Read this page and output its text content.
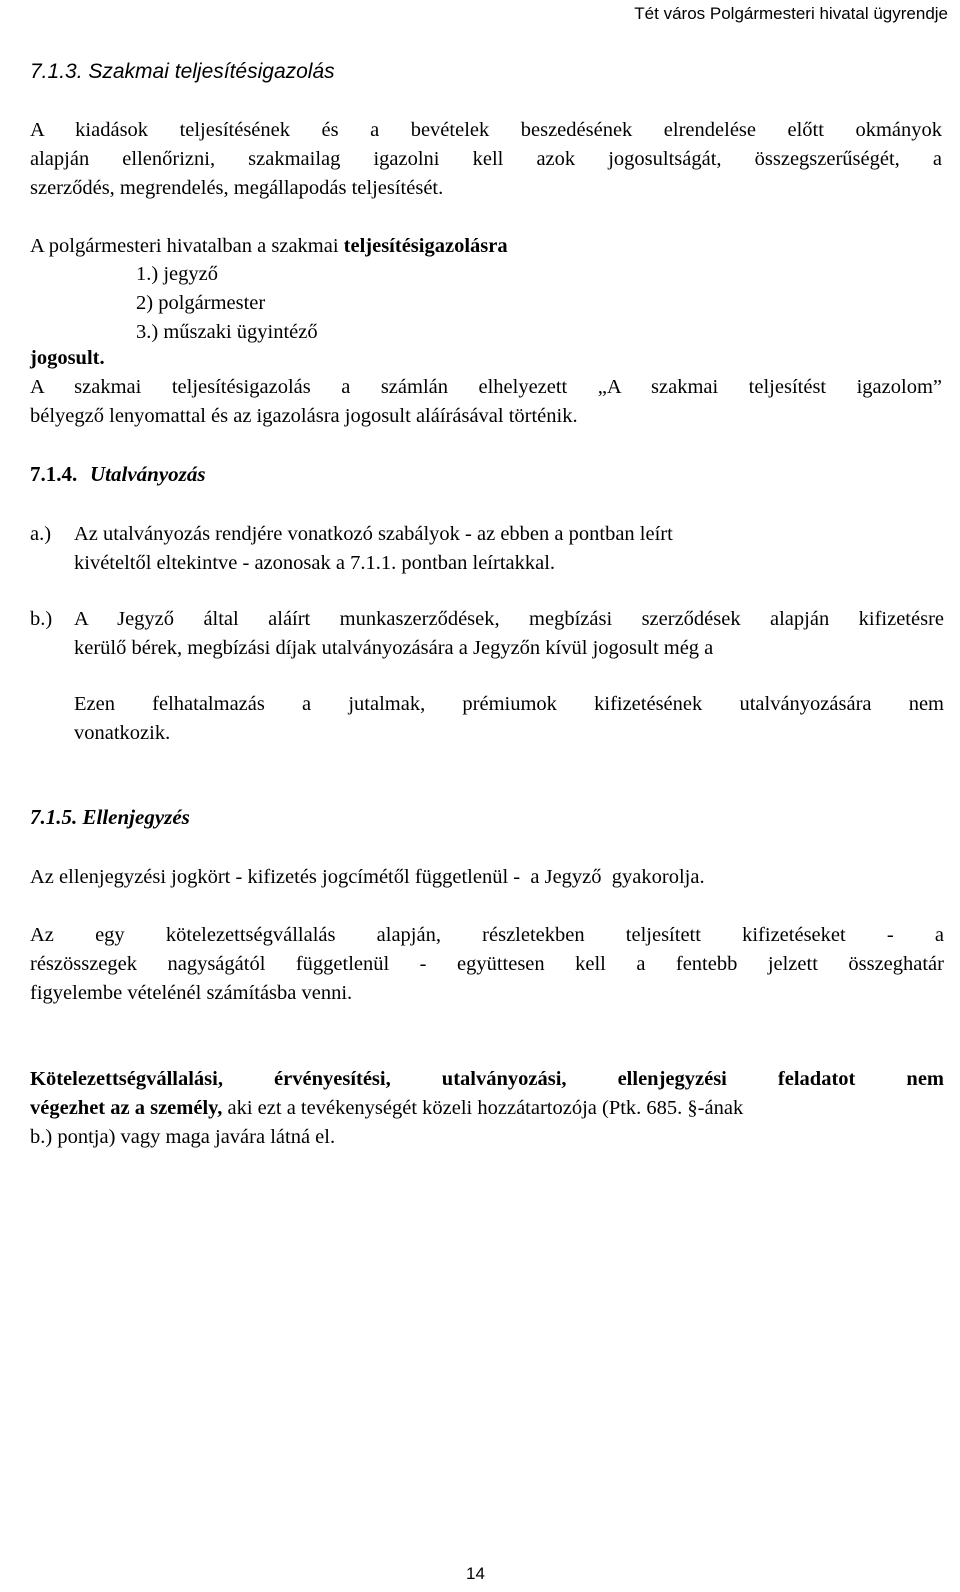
Tét város Polgármesteri hivatal ügyrendje
7.1.3. Szakmai teljesítésigazolás
A kiadások teljesítésének és a bevételek beszedésének elrendelése előtt okmányok
alapján ellenőrizni, szakmailag igazolni kell azok jogosultságát, összegszerűségét, a
szerződés, megrendelés, megállapodás teljesítését.
A polgármesteri hivatalban a szakmai teljesítésigazolásra
1.) jegyző
2) polgármester
3.) műszaki ügyintéző
jogosult.
A szakmai teljesítésigazolás a számlán elhelyezett „A szakmai teljesítést igazolom”
bélyegző lenyomattal és az igazolásra jogosult aláírásával történik.
7.1.4. Utalványozás
a.) Az utalványozás rendjére vonatkozó szabályok - az ebben a pontban leírt
kivételtől eltekintve - azonosak a 7.1.1. pontban leírtakkal.
b.) A Jegyző által aláírt munkaszerződések, megbízási szerződések alapján kifizetésre
kerülő bérek, megbízási díjak utalványozására a Jegyzőn kívül jogosult még a
Ezen felhatalmazás a jutalmak, prémiumok kifizetésének utalványozására nem
vonatkozik.
7.1.5. Ellenjegyzés
Az ellenjegyzési jogkört - kifizetés jogcímétől függetlenül -  a Jegyző  gyakorolja.
Az egy kötelezettségvállalás alapján, részletekben teljesített kifizetéseket - a
részösszegek nagyságától függetlenül - együttesen kell a fentebb jelzett összeghatár
figyelembe vételénél számításba venni.
Kötelezettségvállalási, érvényesítési, utalványozási, ellenjegyzési feladatot nem
végezhet az a személy, aki ezt a tevékenységét közeli hozzátartozója (Ptk. 685. §-ának
b.) pontja) vagy maga javára látná el.
14
